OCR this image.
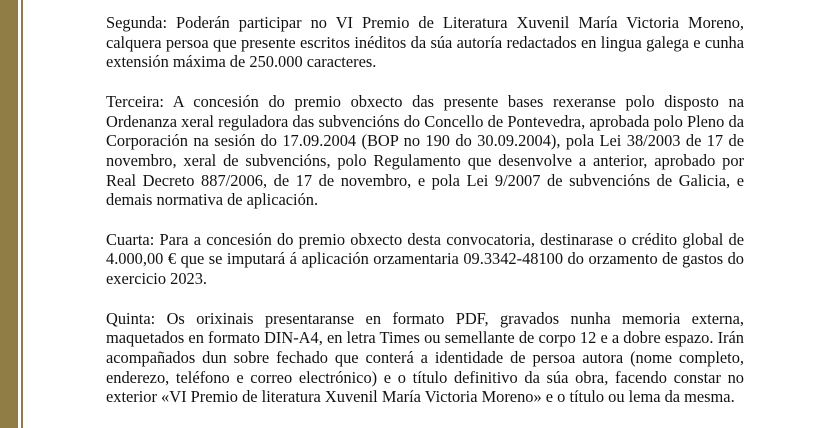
Segunda: Poderán participar no VI Premio de Literatura Xuvenil María Victoria Moreno, calquera persoa que presente escritos inéditos da súa autoría redactados en lingua galega e cunha extensión máxima de 250.000 caracteres.

Terceira: A concesión do premio obxecto das presente bases rexeranse polo disposto na Ordenanza xeral reguladora das subvencións do Concello de Pontevedra, aprobada polo Pleno da Corporación na sesión do 17.09.2004 (BOP no 190 do 30.09.2004), pola Lei 38/2003 de 17 de novembro, xeral de subvencións, polo Regulamento que desenvolve a anterior, aprobado por Real Decreto 887/2006, de 17 de novembro, e pola Lei 9/2007 de subvencións de Galicia, e demais normativa de aplicación.

Cuarta: Para a concesión do premio obxecto desta convocatoria, destinarase o crédito global de 4.000,00 € que se imputará á aplicación orzamentaria 09.3342-48100 do orzamento de gastos do exercicio 2023.

Quinta: Os orixinais presentaranse en formato PDF, gravados nunha memoria externa, maquetados en formato DIN-A4, en letra Times ou semellante de corpo 12 e a dobre espazo. Irán acompañados dun sobre fechado que conterá a identidade de persoa autora (nome completo, enderezo, teléfono e correo electrónico) e o título definitivo da súa obra, facendo constar no exterior «VI Premio de literatura Xuvenil María Victoria Moreno» e o título ou lema da mesma.
